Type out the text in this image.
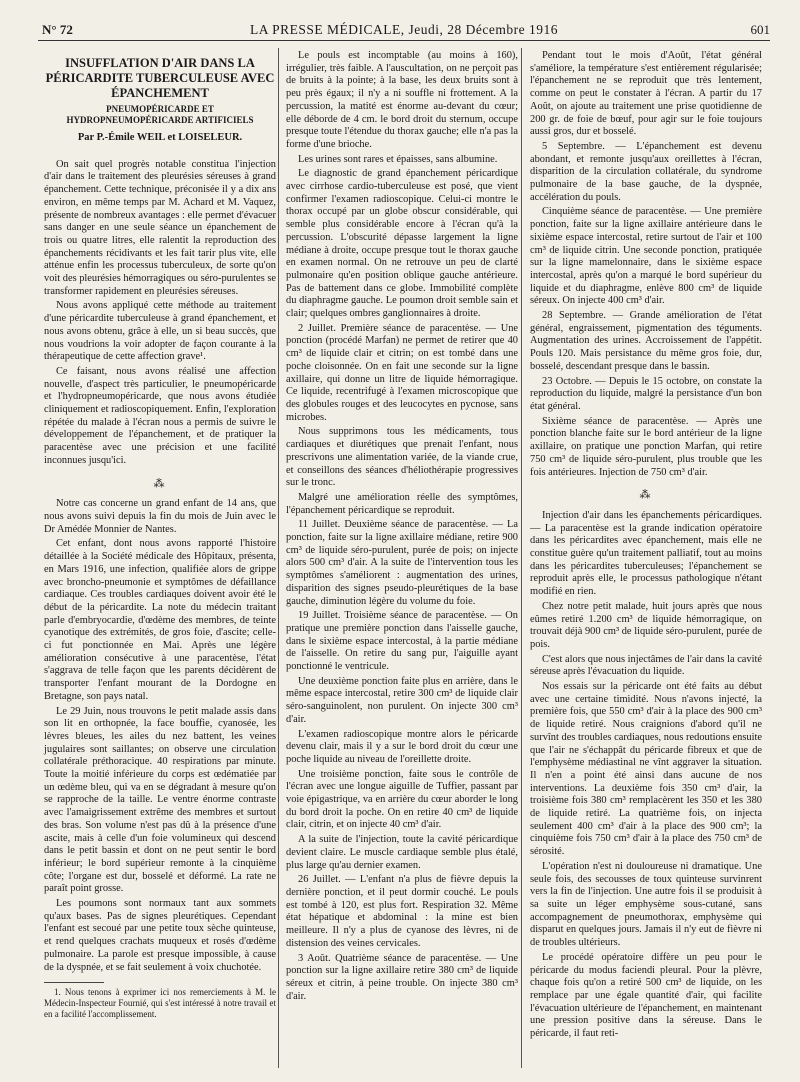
N° 72	LA PRESSE MÉDICALE, Jeudi, 28 Décembre 1916	601
INSUFFLATION D'AIR DANS LA PÉRICARDITE TUBERCULEUSE AVEC ÉPANCHEMENT
PNEUMOPÉRICARDE ET HYDROPNEUMOPÉRICARDE ARTIFICIELS
Par P.-Émile WEIL et LOISELEUR.

On sait quel progrès notable constitua l'injection d'air dans le traitement des pleurésies séreuses à grand épanchement. Cette technique, préconisée il y a dix ans environ, en même temps par M. Achard et M. Vaquez, présente de nombreux avantages : elle permet d'évacuer sans danger en une seule séance un épanchement de trois ou quatre litres, elle ralentit la reproduction des épanchements récidivants et les fait tarir plus vite, elle atténue enfin les processus tuberculeux, de sorte qu'on voit des pleurésies hémorragiques ou séro-purulentes se transformer rapidement en pleurésies séreuses.

Nous avons appliqué cette méthode au traitement d'une péricardite tuberculeuse à grand épanchement, et nous avons obtenu, grâce à elle, un si beau succès, que nous voudrions la voir adopter de façon courante à la thérapeutique de cette affection grave¹.

Ce faisant, nous avons réalisé une affection nouvelle, d'aspect très particulier, le pneumopéricarde et l'hydropneumopéricarde, que nous avons étudiée cliniquement et radioscopiquement. Enfin, l'exploration répétée du malade à l'écran nous a permis de suivre le développement de l'épanchement, et de pratiquer la paracentèse avec une précision et une facilité inconnues jusqu'ici.

⁂

Notre cas concerne un grand enfant de 14 ans, que nous avons suivi depuis la fin du mois de Juin avec le Dr Amédée Monnier de Nantes.

Cet enfant, dont nous avons rapporté l'histoire détaillée à la Société médicale des Hôpitaux, présenta, en Mars 1916, une infection, qualifiée alors de grippe avec broncho-pneumonie et symptômes de défaillance cardiaque. Ces troubles cardiaques doivent avoir été le début de la péricardite. La note du médecin traitant parle d'embryocardie, d'œdème des membres, de teinte cyanotique des extrémités, de gros foie, d'ascite; celle-ci fut ponctionnée en Mai. Après une légère amélioration consécutive à une paracentèse, l'état s'aggrava de telle façon que les parents décidèrent de transporter l'enfant mourant de la Dordogne en Bretagne, son pays natal.

Le 29 Juin, nous trouvons le petit malade assis dans son lit en orthopnée, la face bouffie, cyanosée, les lèvres bleues, les ailes du nez battent, les veines jugulaires sont saillantes; on observe une circulation collatérale préthoracique. 40 respirations par minute. Toute la moitié inférieure du corps est œdématiée par un œdème bleu, qui va en se dégradant à mesure qu'on se rapproche de la taille. Le ventre énorme contraste avec l'amaigrissement extrême des membres et surtout des bras. Son volume n'est pas dû à la présence d'une ascite, mais à celle d'un foie volumineux qui descend dans le petit bassin et dont on ne peut sentir le bord inférieur; le bord supérieur remonte à la cinquième côte; l'organe est dur, bosselé et déformé. La rate ne paraît point grosse.

Les poumons sont normaux tant aux sommets qu'aux bases. Pas de signes pleurétiques. Cependant l'enfant est secoué par une petite toux sèche quinteuse, et rend quelques crachats muqueux et rosés d'œdème pulmonaire. La parole est presque impossible, à cause de la dyspnée, et se fait seulement à voix chuchotée.

1. Nous tenons à exprimer ici nos remerciements à M. le Médecin-Inspecteur Fournié, qui s'est intéressé à notre travail et en a facilité l'accomplissement.

Le pouls est incomptable (au moins à 160), irrégulier, très faible. A l'auscultation, on ne perçoit pas de bruits à la pointe; à la base, les deux bruits sont à peu près égaux; il n'y a ni souffle ni frottement. A la percussion, la matité est énorme au-devant du cœur; elle déborde de 4 cm. le bord droit du sternum, occupe presque toute l'étendue du thorax gauche; elle n'a pas la forme d'une brioche.

Les urines sont rares et épaisses, sans albumine.

Le diagnostic de grand épanchement péricardique avec cirrhose cardio-tuberculeuse est posé, que vient confirmer l'examen radioscopique. Celui-ci montre le thorax occupé par un globe obscur considérable, qui semble plus considérable encore à l'écran qu'à la percussion. L'obscurité dépasse largement la ligne médiane à droite, occupe presque tout le thorax gauche en examen normal. On ne retrouve un peu de clarté pulmonaire qu'en position oblique gauche antérieure. Pas de battement dans ce globe. Immobilité complète du diaphragme gauche. Le poumon droit semble sain et clair; quelques ombres ganglionnaires à droite.

2 Juillet. Première séance de paracentèse. — Une ponction (procédé Marfan) ne permet de retirer que 40 cm³ de liquide clair et citrin; on est tombé dans une poche cloisonnée. On en fait une seconde sur la ligne axillaire, qui donne un litre de liquide hémorragique. Ce liquide, recentrifugé à l'examen microscopique que des globules rouges et des leucocytes en pycnose, sans microbes.

Nous supprimons tous les médicaments, tous cardiaques et diurétiques que prenait l'enfant, nous prescrivons une alimentation variée, de la viande crue, et conseillons des séances d'héliothérapie progressives sur le tronc.

Malgré une amélioration réelle des symptômes, l'épanchement péricardique se reproduit.

11 Juillet. Deuxième séance de paracentèse. — La ponction, faite sur la ligne axillaire médiane, retire 900 cm³ de liquide séro-purulent, purée de pois; on injecte alors 500 cm³ d'air. A la suite de l'intervention tous les symptômes s'améliorent : augmentation des urines, disparition des signes pseudo-pleurétiques de la base gauche, diminution légère du volume du foie.

19 Juillet. Troisième séance de paracentèse. — On pratique une première ponction dans l'aisselle gauche, dans le sixième espace intercostal, à la partie médiane de l'aisselle. On retire du sang pur, l'aiguille ayant ponctionné le ventricule.

Une deuxième ponction faite plus en arrière, dans le même espace intercostal, retire 300 cm³ de liquide clair séro-sanguinolent, non purulent. On injecte 300 cm³ d'air.

L'examen radioscopique montre alors le péricarde devenu clair, mais il y a sur le bord droit du cœur une poche liquide au niveau de l'oreillette droite.

Une troisième ponction, faite sous le contrôle de l'écran avec une longue aiguille de Tuffier, passant par voie épigastrique, va en arrière du cœur aborder le long du bord droit la poche. On en retire 40 cm³ de liquide clair, citrin, et on injecte 40 cm³ d'air.

A la suite de l'injection, toute la cavité péricardique devient claire. Le muscle cardiaque semble plus étalé, plus large qu'au dernier examen.

26 Juillet. — L'enfant n'a plus de fièvre depuis la dernière ponction, et il peut dormir couché. Le pouls est tombé à 120, est plus fort. Respiration 32. Même état hépatique et abdominal : la mine est bien meilleure. Il n'y a plus de cyanose des lèvres, ni de distension des veines cervicales.

3 Août. Quatrième séance de paracentèse. — Une ponction sur la ligne axillaire retire 380 cm³ de liquide séreux et citrin, à peine trouble. On injecte 380 cm³ d'air.

Pendant tout le mois d'Août, l'état général s'améliore, la température s'est entièrement régularisée; l'épanchement ne se reproduit que très lentement, comme on peut le constater à l'écran. A partir du 17 Août, on ajoute au traitement une prise quotidienne de 200 gr. de foie de bœuf, pour agir sur le foie toujours aussi gros, dur et bosselé.

5 Septembre. — L'épanchement est devenu abondant, et remonte jusqu'aux oreillettes à l'écran, disparition de la circulation collatérale, du syndrome pulmonaire de la base gauche, de la dyspnée, accélération du pouls.

Cinquième séance de paracentèse. — Une première ponction, faite sur la ligne axillaire antérieure dans le sixième espace intercostal, retire surtout de l'air et 100 cm³ de liquide citrin. Une seconde ponction, pratiquée sur la ligne mamelonnaire, dans le sixième espace intercostal, après qu'on a marqué le bord supérieur du liquide et du diaphragme, enlève 800 cm³ de liquide séreux. On injecte 400 cm³ d'air.

28 Septembre. — Grande amélioration de l'état général, engraissement, pigmentation des téguments. Augmentation des urines. Accroissement de l'appétit. Pouls 120. Mais persistance du même gros foie, dur, bosselé, descendant presque dans le bassin.

23 Octobre. — Depuis le 15 octobre, on constate la reproduction du liquide, malgré la persistance d'un bon état général.

Sixième séance de paracentèse. — Après une ponction blanche faite sur le bord antérieur de la ligne axillaire, on pratique une ponction Marfan, qui retire 750 cm³ de liquide séro-purulent, plus trouble que les fois antérieures. Injection de 750 cm³ d'air.

⁂

Injection d'air dans les épanchements péricardiques. — La paracentèse est la grande indication opératoire dans les péricardites avec épanchement, mais elle ne constitue guère qu'un traitement palliatif, tout au moins dans les péricardites tuberculeuses; l'épanchement se reproduit après elle, le processus pathologique n'étant modifié en rien.

Chez notre petit malade, huit jours après que nous eûmes retiré 1.200 cm³ de liquide hémorragique, on trouvait déjà 900 cm³ de liquide séro-purulent, purée de pois.

C'est alors que nous injectâmes de l'air dans la cavité séreuse après l'évacuation du liquide.

Nos essais sur la péricarde ont été faits au début avec une certaine timidité. Nous n'avons injecté, la première fois, que 550 cm³ d'air à la place des 900 cm³ de liquide retiré. Nous craignions d'abord qu'il ne survînt des troubles cardiaques, nous redoutions ensuite que l'air ne s'échappât du péricarde fibreux et que de l'emphysème médiastinal ne vînt aggraver la situation. Il n'en a point été ainsi dans aucune de nos interventions. La deuxième fois 350 cm³ d'air, la troisième fois 380 cm³ remplacèrent les 350 et les 380 de liquide retiré. La quatrième fois, on injecta seulement 400 cm³ d'air à la place des 900 cm³; la cinquième fois 750 cm³ d'air à la place des 750 cm³ de sérosité.

L'opération n'est ni douloureuse ni dramatique. Une seule fois, des secousses de toux quinteuse survinrent vers la fin de l'injection. Une autre fois il se produisit à sa suite un léger emphysème sous-cutané, sans accompagnement de pneumothorax, emphysème qui disparut en quelques jours. Jamais il n'y eut de fièvre ni de troubles ultérieurs.

Le procédé opératoire diffère un peu pour le péricarde du modus faciendi pleural. Pour la plèvre, chaque fois qu'on a retiré 500 cm³ de liquide, on les remplace par une égale quantité d'air, qui facilite l'évacuation ultérieure de l'épanchement, en maintenant une pression positive dans la séreuse. Dans le péricarde, il faut reti-
